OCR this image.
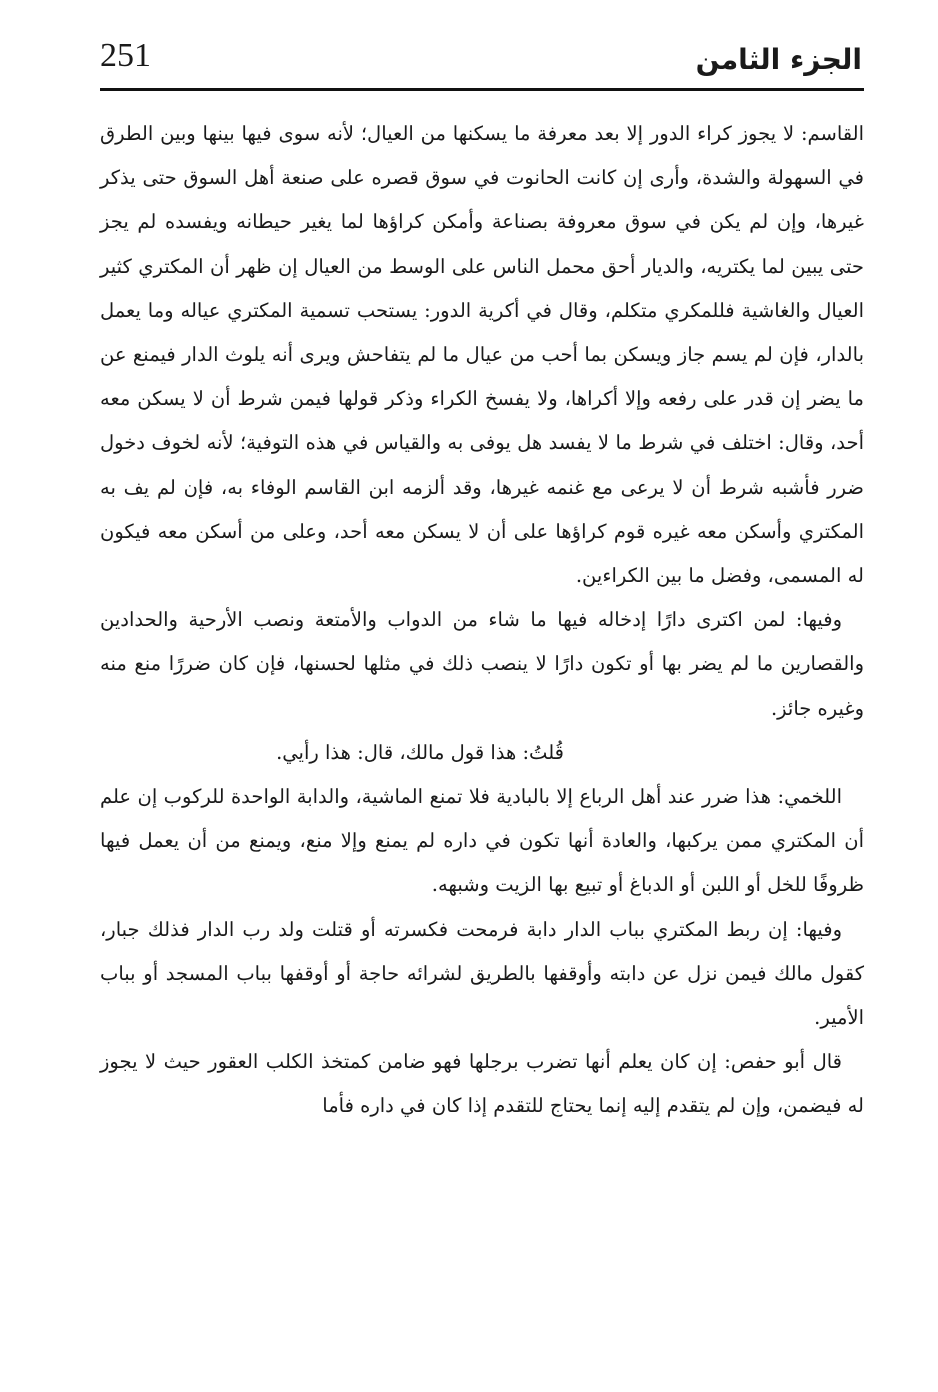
251	الجزء الثامن

القاسم: لا يجوز كراء الدور إلا بعد معرفة ما يسكنها من العيال؛ لأنه سوى فيها بينها وبين الطرق في السهولة والشدة، وأرى إن كانت الحانوت في سوق قصره على صنعة أهل السوق حتى يذكر غيرها، وإن لم يكن في سوق معروفة بصناعة وأمكن كراؤها لما يغير حيطانه ويفسده لم يجز حتى يبين لما يكتريه، والديار أحق محمل الناس على الوسط من العيال إن ظهر أن المكتري كثير العيال والغاشية فللمكري متكلم، وقال في أكرية الدور: يستحب تسمية المكتري عياله وما يعمل بالدار، فإن لم يسم جاز ويسكن بما أحب من عيال ما لم يتفاحش ويرى أنه يلوث الدار فيمنع عن ما يضر إن قدر على رفعه وإلا أكراها، ولا يفسخ الكراء وذكر قولها فيمن شرط أن لا يسكن معه أحد، وقال: اختلف في شرط ما لا يفسد هل يوفى به والقياس في هذه التوفية؛ لأنه لخوف دخول ضرر فأشبه شرط أن لا يرعى مع غنمه غيرها، وقد ألزمه ابن القاسم الوفاء به، فإن لم يف به المكتري وأسكن معه غيره قوم كراؤها على أن لا يسكن معه أحد، وعلى من أسكن معه فيكون له المسمى، وفضل ما بين الكراءين.

وفيها: لمن اكترى دارًا إدخاله فيها ما شاء من الدواب والأمتعة ونصب الأرحية والحدادين والقصارين ما لم يضر بها أو تكون دارًا لا ينصب ذلك في مثلها لحسنها، فإن كان ضررًا منع منه وغيره جائز.

قُلتُ: هذا قول مالك، قال: هذا رأيي.

اللخمي: هذا ضرر عند أهل الرباع إلا بالبادية فلا تمنع الماشية، والدابة الواحدة للركوب إن علم أن المكتري ممن يركبها، والعادة أنها تكون في داره لم يمنع وإلا منع، ويمنع من أن يعمل فيها ظروفًا للخل أو اللبن أو الدباغ أو تبيع بها الزيت وشبهه.

وفيها: إن ربط المكتري بباب الدار دابة فرمحت فكسرته أو قتلت ولد رب الدار فذلك جبار، كقول مالك فيمن نزل عن دابته وأوقفها بالطريق لشرائه حاجة أو أوقفها بباب المسجد أو بباب الأمير.

قال أبو حفص: إن كان يعلم أنها تضرب برجلها فهو ضامن كمتخذ الكلب العقور حيث لا يجوز له فيضمن، وإن لم يتقدم إليه إنما يحتاج للتقدم إذا كان في داره فأما
